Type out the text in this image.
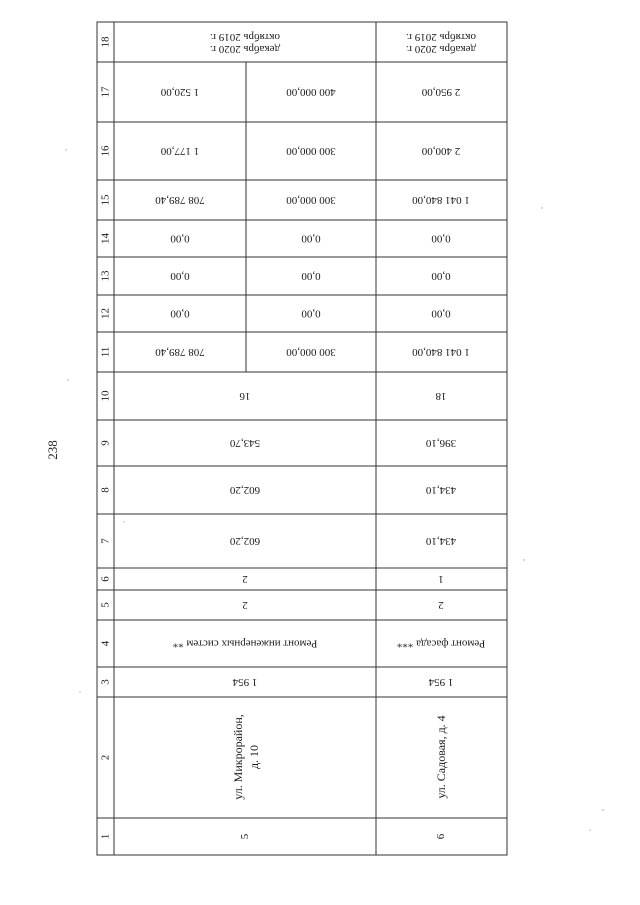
238
18
17
16
15
14
13
12
11
10
9
8
7
6
5
4
3
2
1
октябрь 2019 г.
декабрь 2020 г.
1 520,00
1 177,00
708 789,40
0,00
0,00
0,00
708 789,40
400 000,00
300 000,00
300 000,00
0,00
0,00
0,00
300 000,00
16
543,70
602,20
602,20
2
2
Ремонт инженерных систем **
1 954
ул. Микрорайон, д. 10
5
октябрь 2019 г.
декабрь 2020 г.
2 950,00
2 400,00
1 041 840,00
0,00
0,00
0,00
1 041 840,00
18
396,10
434,10
434,10
1
2
Ремонт фасада ***
1 954
ул. Садовая, д. 4
6
